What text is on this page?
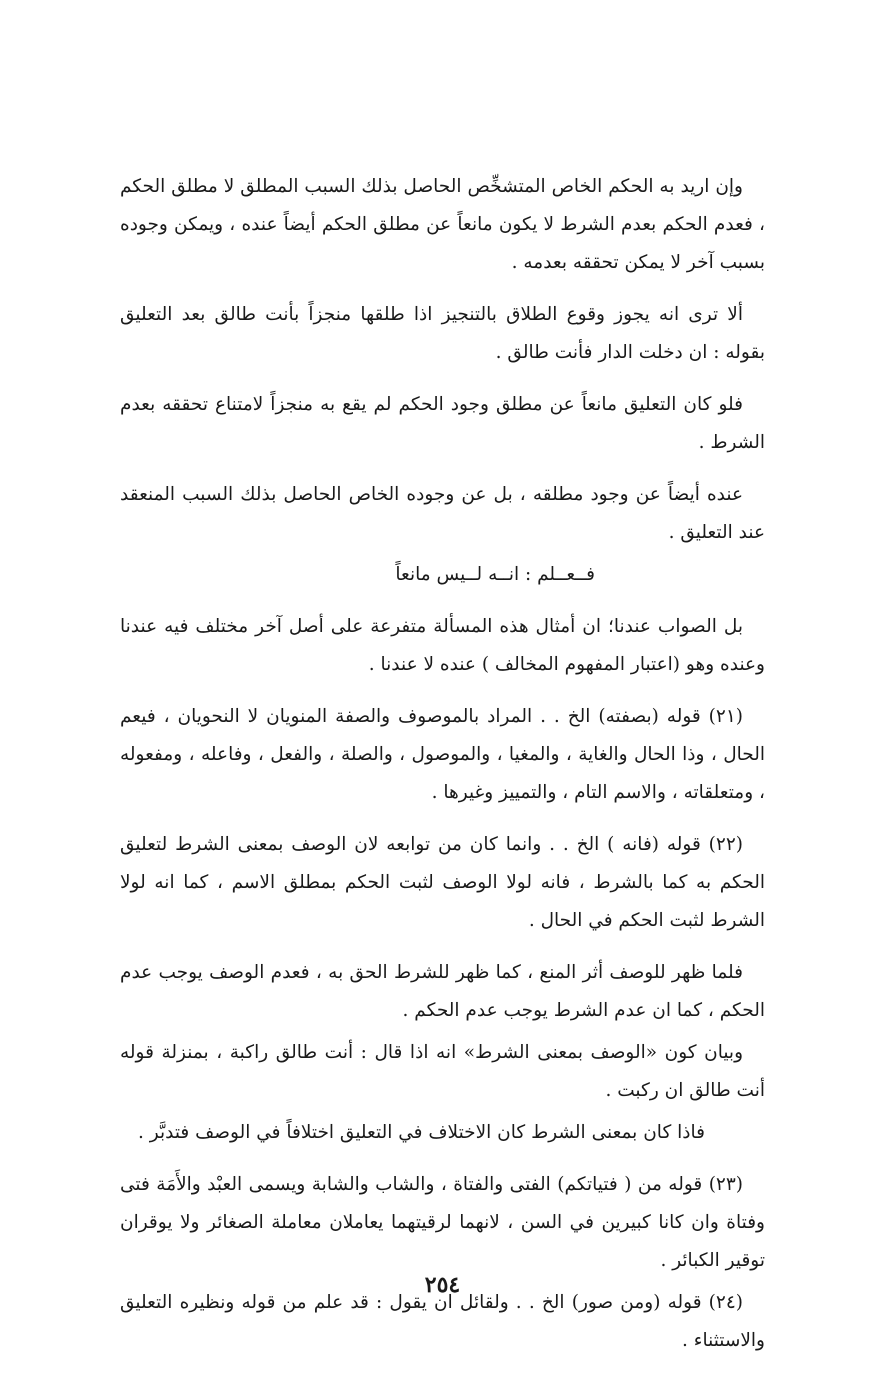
وإن اريد به الحكم الخاص المتشخِّص الحاصل بذلك السبب المطلق لا مطلق الحكم ، فعدم الحكم بعدم الشرط لا يكون مانعاً عن مطلق الحكم أيضاً عنده ، ويمكن وجوده بسبب آخر لا يمكن تحققه بعدمه .

ألا ترى انه يجوز وقوع الطلاق بالتنجيز اذا طلقها منجزاً بأنت طالق بعد التعليق بقوله : ان دخلت الدار فأنت طالق .

فلو كان التعليق مانعاً عن مطلق وجود الحكم لم يقع به منجزاً لامتناع تحققه بعدم الشرط .

عنده أيضاً عن وجود مطلقه ، بل عن وجوده الخاص الحاصل بذلك السبب المنعقد عند التعليق .

فــعــلم : انــه لــيس مانعاً

بل الصواب عندنا؛ ان أمثال هذه المسألة متفرعة على أصل آخر مختلف فيه عندنا وعنده وهو (اعتبار المفهوم المخالف ) عنده لا عندنا .

(٢١) قوله (بصفته) الخ . . المراد بالموصوف والصفة المنويان لا النحويان ، فيعم الحال ، وذا الحال والغاية ، والمغيا ، والموصول ، والصلة ، والفعل ، وفاعله ، ومفعوله ، ومتعلقاته ، والاسم التام ، والتمييز وغيرها .

(٢٢) قوله (فانه ) الخ . . وانما كان من توابعه لان الوصف بمعنى الشرط لتعليق الحكم به كما بالشرط ، فانه لولا الوصف لثبت الحكم بمطلق الاسم ، كما انه لولا الشرط لثبت الحكم في الحال .

فلما ظهر للوصف أثر المنع ، كما ظهر للشرط الحق به ، فعدم الوصف يوجب عدم الحكم ، كما ان عدم الشرط يوجب عدم الحكم .

وبيان كون «الوصف بمعنى الشرط» انه اذا قال : أنت طالق راكبة ، بمنزلة قوله أنت طالق ان ركبت .

فاذا كان بمعنى الشرط كان الاختلاف في التعليق اختلافاً في الوصف فتدبَّر .

(٢٣) قوله من ( فتياتكم) الفتى والفتاة ، والشاب والشابة ويسمى العبْد والأَمَة فتى وفتاة وان كانا كبيرين في السن ، لانهما لرقيتهما يعاملان معاملة الصغائر ولا يوقران توقير الكبائر .

(٢٤) قوله (ومن صور) الخ . . ولقائل ان يقول : قد علم من قوله ونظيره التعليق والاستثناء .

٢٥٤
